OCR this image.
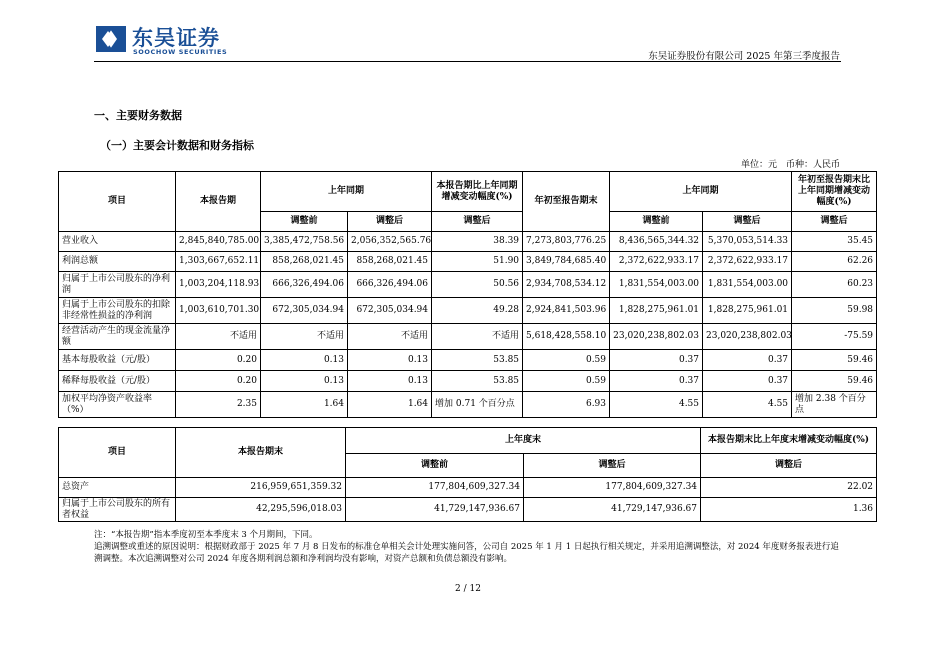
东吴证券
SOOCHOW SECURITIES	东吴证券股份有限公司 2025 年第三季度报告
一、主要财务数据
（一）主要会计数据和财务指标
单位：元　币种：人民币
项目	本报告期	上年同期		本报告期比上年同期增减变动幅度(%)	年初至报告期末	上年同期		年初至报告期末比上年同期增减变动幅度(%)
		调整前	调整后	调整后		调整前	调整后	调整后
营业收入	2,845,840,785.00	3,385,472,758.56	2,056,352,565.76	38.39	7,273,803,776.25	8,436,565,344.32	5,370,053,514.33	35.45
利润总额	1,303,667,652.11	858,268,021.45	858,268,021.45	51.90	3,849,784,685.40	2,372,622,933.17	2,372,622,933.17	62.26
归属于上市公司股东的净利润	1,003,204,118.93	666,326,494.06	666,326,494.06	50.56	2,934,708,534.12	1,831,554,003.00	1,831,554,003.00	60.23
归属于上市公司股东的扣除非经常性损益的净利润	1,003,610,701.30	672,305,034.94	672,305,034.94	49.28	2,924,841,503.96	1,828,275,961.01	1,828,275,961.01	59.98
经营活动产生的现金流量净额	不适用	不适用	不适用	不适用	5,618,428,558.10	23,020,238,802.03	23,020,238,802.03	-75.59
基本每股收益（元/股）	0.20	0.13	0.13	53.85	0.59	0.37	0.37	59.46
稀释每股收益（元/股）	0.20	0.13	0.13	53.85	0.59	0.37	0.37	59.46
加权平均净资产收益率（%）	2.35	1.64	1.64	增加 0.71 个百分点	6.93	4.55	4.55	增加 2.38 个百分点
项目	本报告期末	上年度末		本报告期末比上年度末增减变动幅度(%)
		调整前	调整后	调整后
总资产	216,959,651,359.32	177,804,609,327.34	177,804,609,327.34	22.02
归属于上市公司股东的所有者权益	42,295,596,018.03	41,729,147,936.67	41,729,147,936.67	1.36
注：“本报告期”指本季度初至本季度末 3 个月期间，下同。
追溯调整或重述的原因说明：根据财政部于 2025 年 7 月 8 日发布的标准仓单相关会计处理实施问答，公司自 2025 年 1 月 1 日起执行相关规定，并采用追溯调整法，对 2024 年度财务报表进行追溯调整。本次追溯调整对公司 2024 年度各期利润总额和净利润均没有影响，对资产总额和负债总额没有影响。
2 / 12
